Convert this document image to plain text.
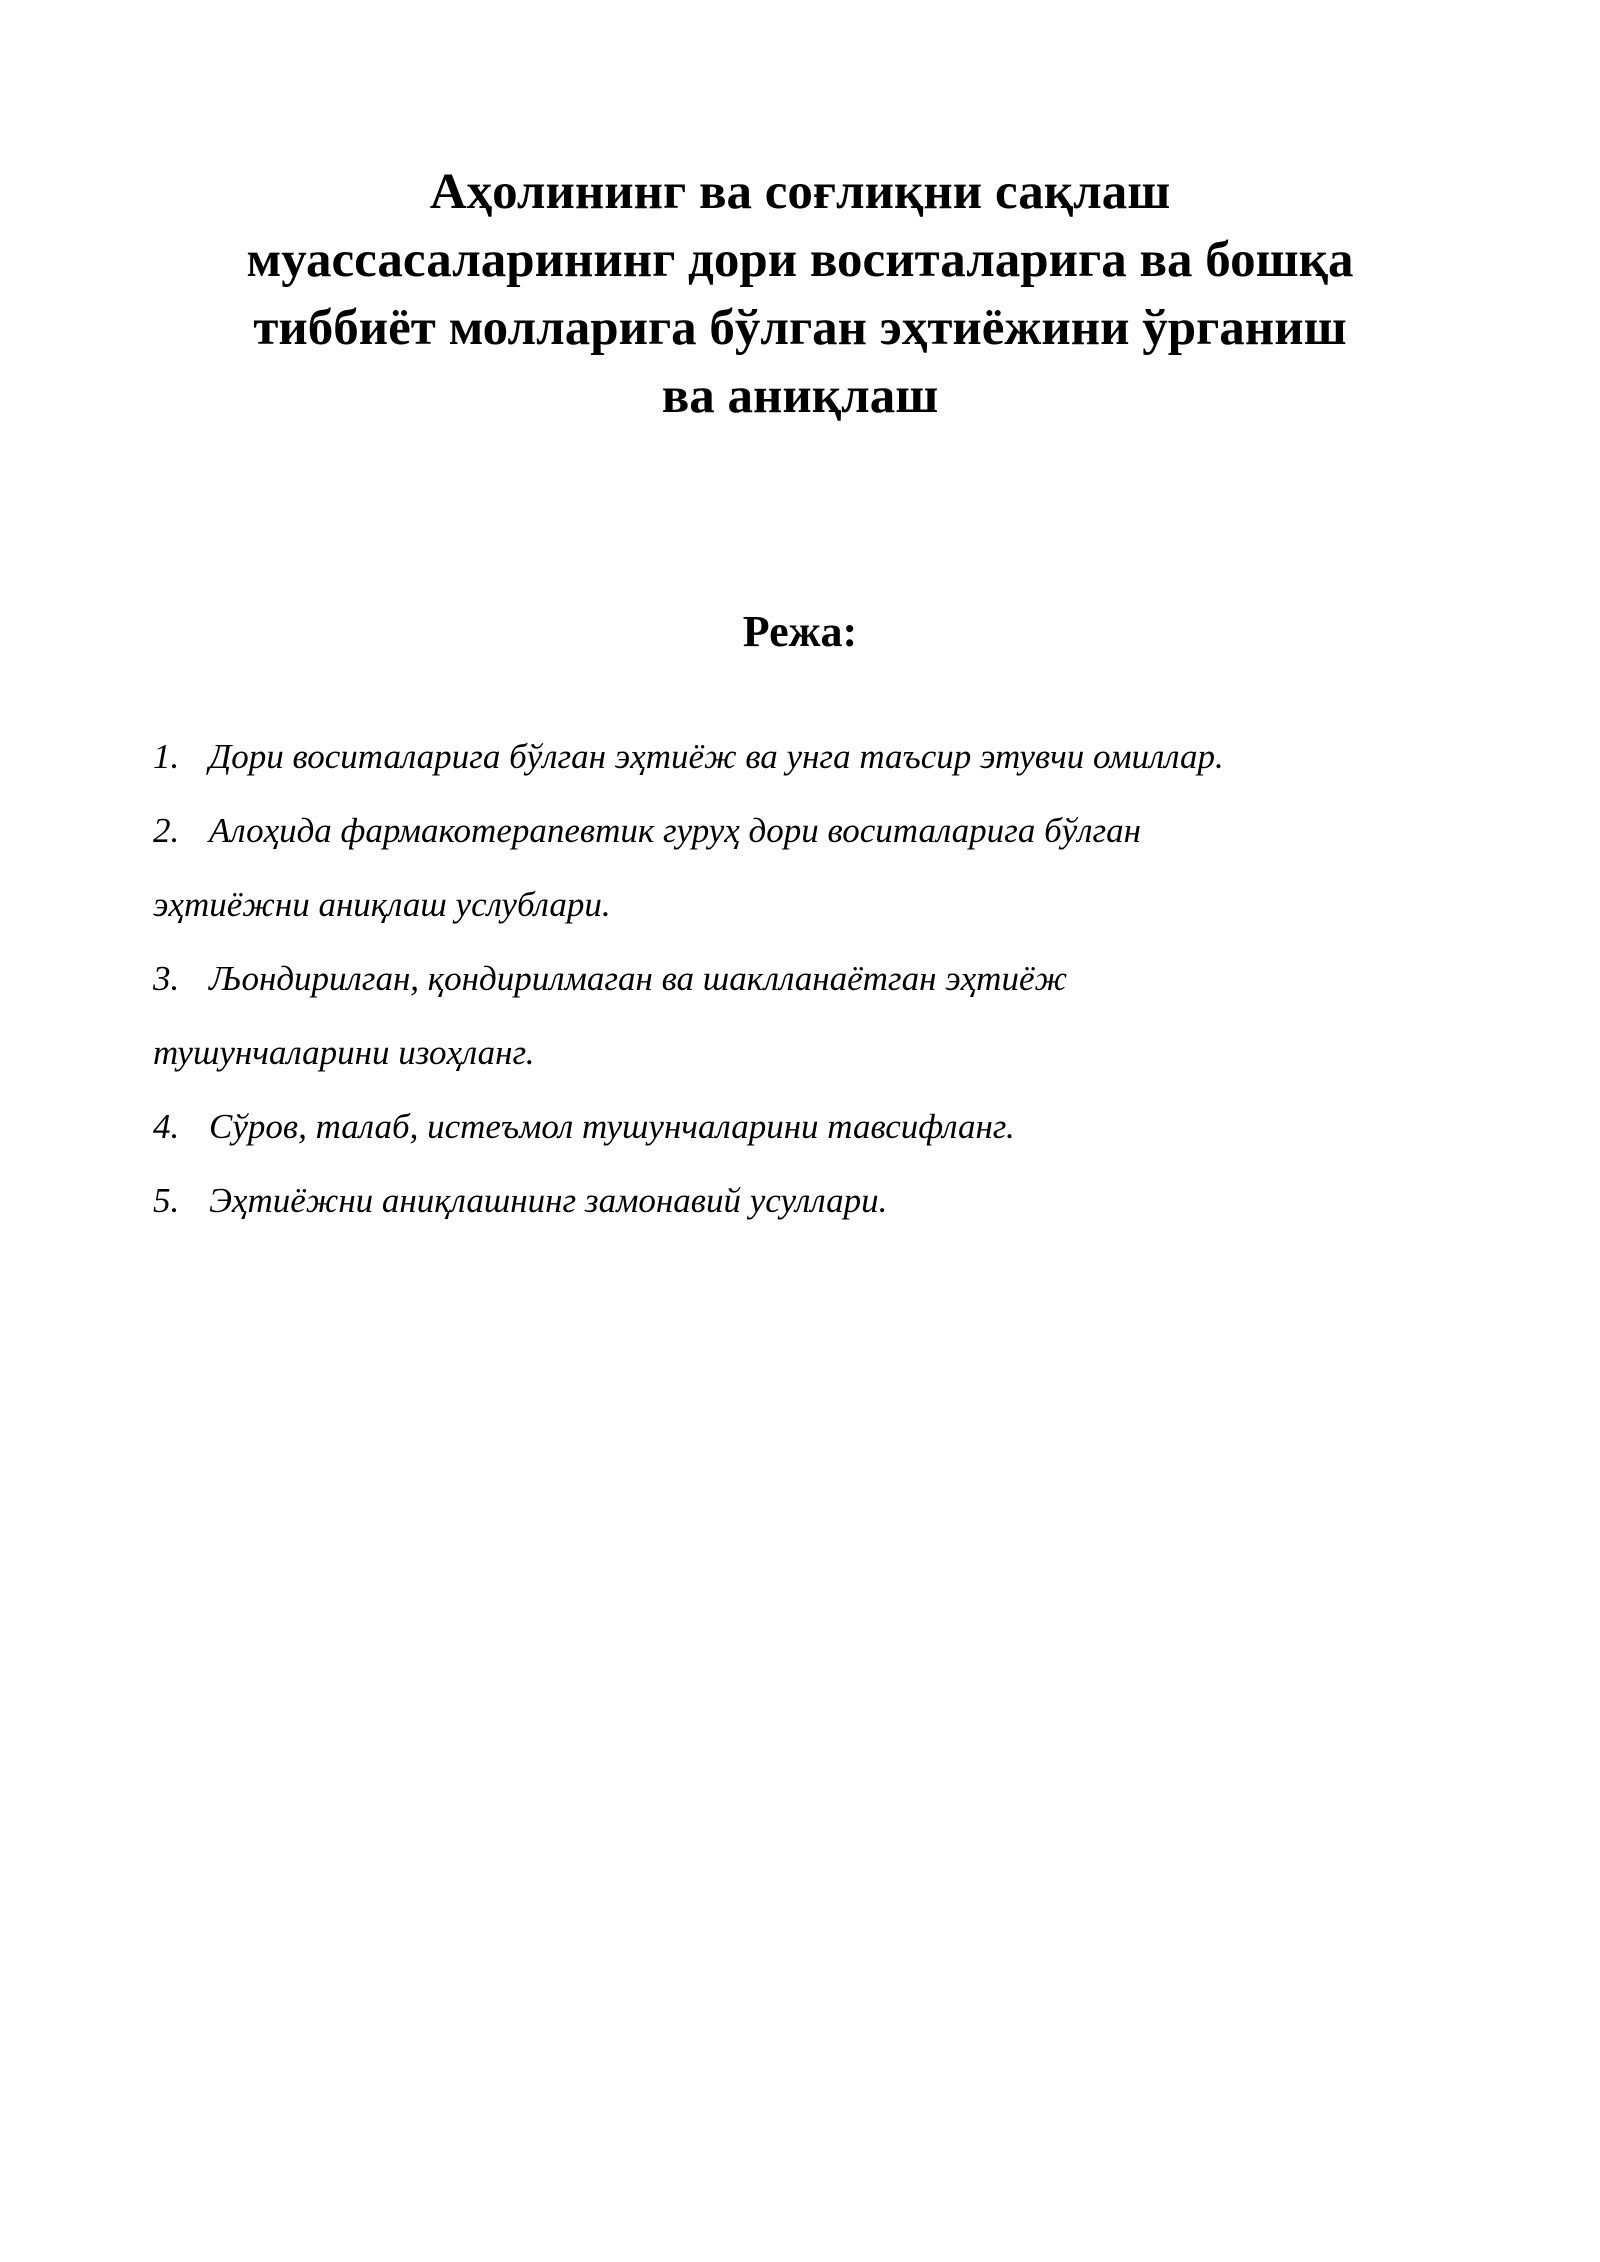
Аҳолининг ва соғлиқни сақлаш
муассасаларининг дори воситаларига ва бошқа
тиббиёт молларига бўлган эҳтиёжини ўрганиш
ва аниқлаш
Режа:
1. Дори воситаларига бўлган эҳтиёж ва унга таъсир этувчи омиллар.
2. Алоҳида фармакотерапевтик гуруҳ дори воситаларига бўлган
эҳтиёжни аниқлаш услублари.
3. Љондирилган, қондирилмаган ва шаклланаётган эҳтиёж
тушунчаларини изоҳланг.
4. Сўров, талаб, истеъмол тушунчаларини тавсифланг.
5. Эҳтиёжни аниқлашнинг замонавий усуллари.
